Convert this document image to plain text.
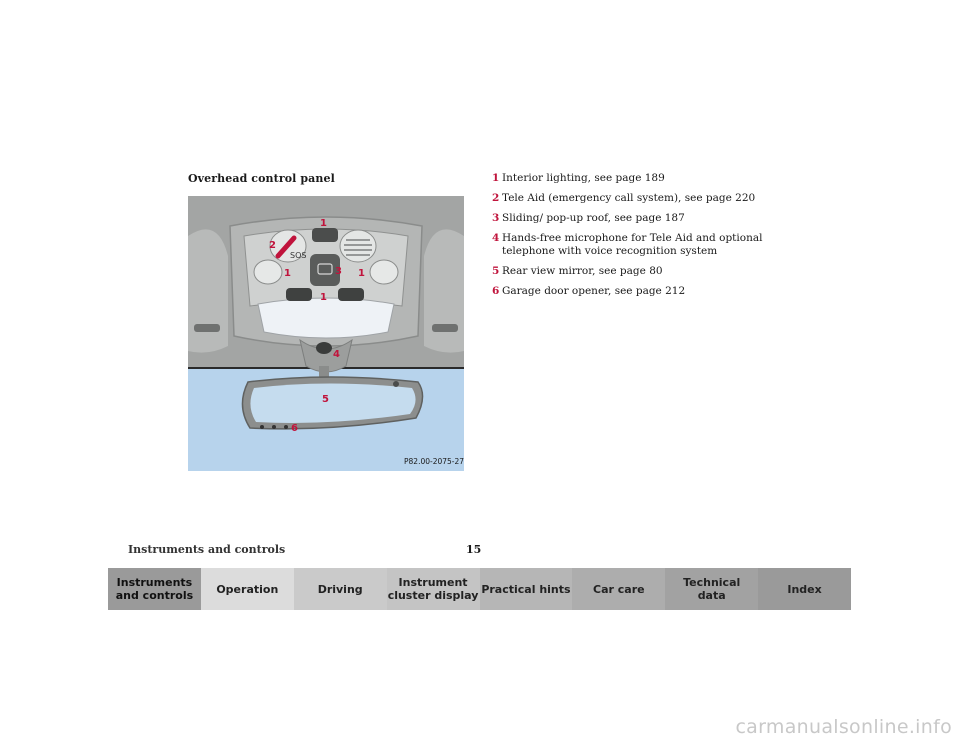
Overhead control panel
SOS
1
2
1	3
1
1
4
5
6
P82.00-2075-27
1 Interior lighting, see page 189
2 Tele Aid (emergency call system), see page 220
3 Sliding/ pop-up roof, see page 187
4 Hands-free microphone for Tele Aid and optional telephone with voice recognition system
5 Rear view mirror, see page 80
6 Garage door opener, see page 212
Instruments and controls	15
Instruments
and controls	Operation	Driving	Instrument
cluster display Practical hints	Car care	Technical
data	Index
carmanualsonline.info
